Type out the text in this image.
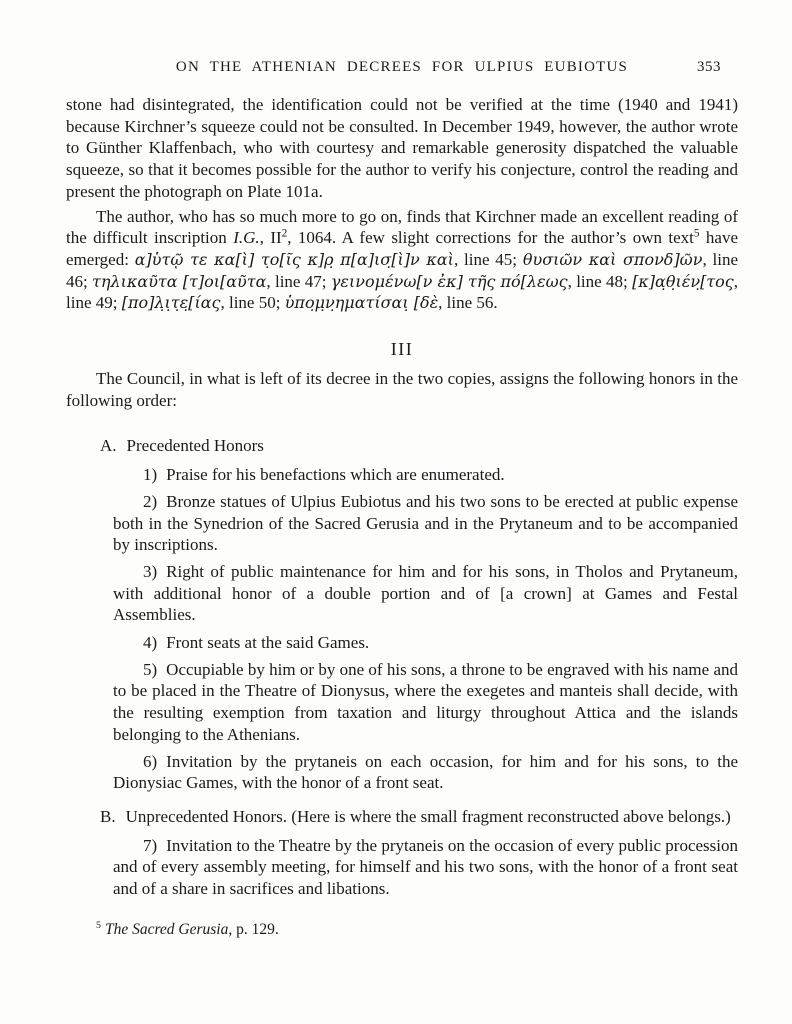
ON THE ATHENIAN DECREES FOR ULPIUS EUBIOTUS	353

stone had disintegrated, the identification could not be verified at the time (1940 and 1941) because Kirchner’s squeeze could not be consulted. In December 1949, however, the author wrote to Günther Klaffenbach, who with courtesy and remarkable generosity dispatched the valuable squeeze, so that it becomes possible for the author to verify his conjecture, control the reading and present the photograph on Plate 101a.

The author, who has so much more to go on, finds that Kirchner made an excellent reading of the difficult inscription I.G., $II^2$, 1064. A few slight corrections for the author’s own text$^5$ have emerged: α]ὑτῷ τε κα[ὶ] τ̣ο[ῖς κ]ρ̣ π[α]ισ̣[ὶ]ν καὶ, line 45; θυσιῶν καὶ σπονδ]ῶν, line 46; τηλικαῦτα [τ]οι[αῦτα, line 47; γεινομένω[ν ἐκ] τῆς πό[λεως, line 48; [κ]α̣θ̣ιέν̣[τος, line 49; [πο]λ̣ι̣τ̣ε̣[ίας, line 50; ὑπο̣μ̣ν̣ηματίσαι̣ [δὲ, line 56.

III

The Council, in what is left of its decree in the two copies, assigns the following honors in the following order:

A. Precedented Honors

1) Praise for his benefactions which are enumerated.

2) Bronze statues of Ulpius Eubiotus and his two sons to be erected at public expense both in the Synedrion of the Sacred Gerusia and in the Prytaneum and to be accompanied by inscriptions.

3) Right of public maintenance for him and for his sons, in Tholos and Prytaneum, with additional honor of a double portion and of [a crown] at Games and Festal Assemblies.

4) Front seats at the said Games.

5) Occupiable by him or by one of his sons, a throne to be engraved with his name and to be placed in the Theatre of Dionysus, where the exegetes and manteis shall decide, with the resulting exemption from taxation and liturgy throughout Attica and the islands belonging to the Athenians.

6) Invitation by the prytaneis on each occasion, for him and for his sons, to the Dionysiac Games, with the honor of a front seat.

B. Unprecedented Honors. (Here is where the small fragment reconstructed above belongs.)

7) Invitation to the Theatre by the prytaneis on the occasion of every public procession and of every assembly meeting, for himself and his two sons, with the honor of a front seat and of a share in sacrifices and libations.

$^5$ The Sacred Gerusia, p. 129.
